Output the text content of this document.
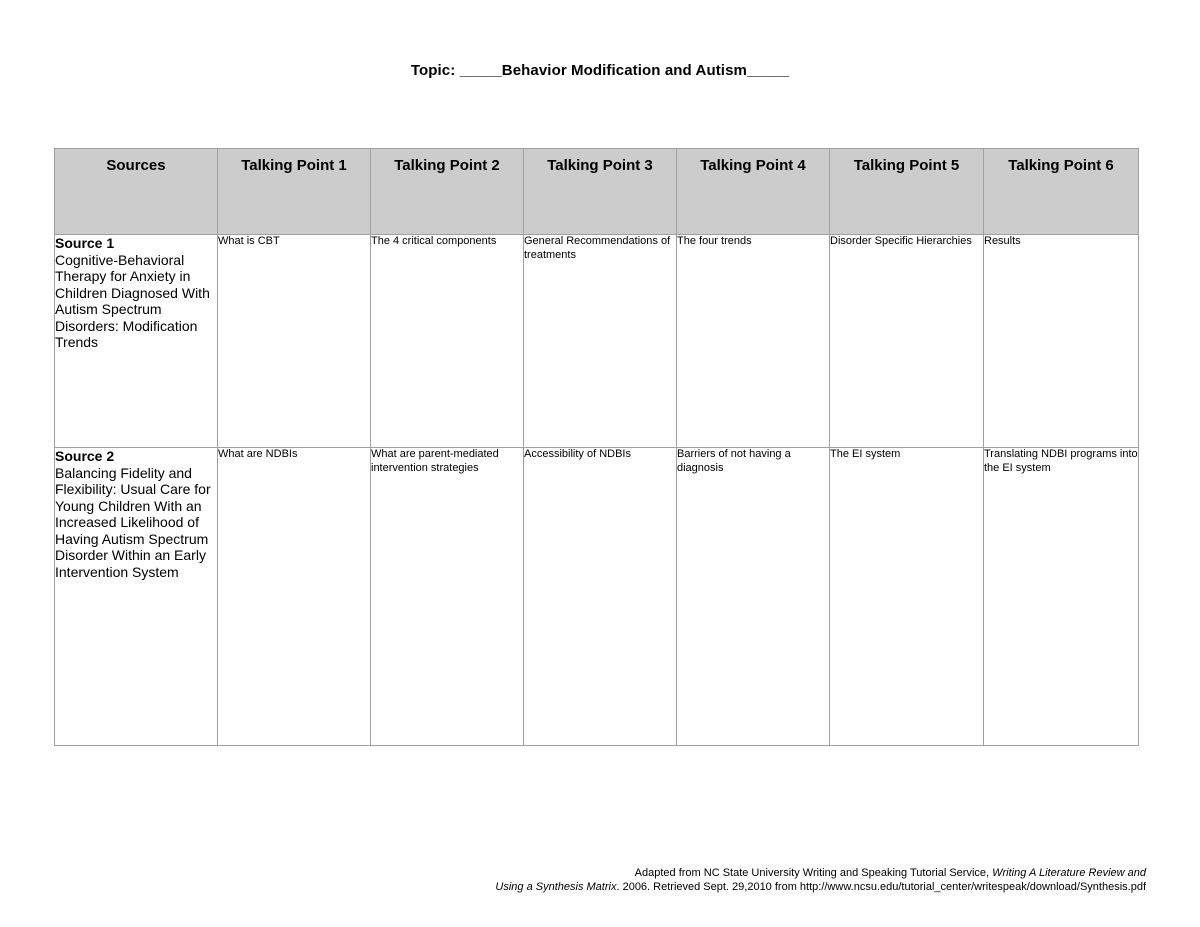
Topic: _____Behavior Modification and Autism_____
Sources	Talking Point 1	Talking Point 2	Talking Point 3	Talking Point 4	Talking Point 5	Talking Point 6

Source 1
Cognitive-Behavioral Therapy for Anxiety in Children Diagnosed With Autism Spectrum Disorders: Modification Trends	What is CBT	The 4 critical components	General Recommendations of treatments	The four trends	Disorder Specific Hierarchies	Results

Source 2
Balancing Fidelity and Flexibility: Usual Care for Young Children With an Increased Likelihood of Having Autism Spectrum Disorder Within an Early Intervention System	What are NDBIs	What are parent-mediated intervention strategies	Accessibility of NDBIs	Barriers of not having a diagnosis	The EI system	Translating NDBI programs into the EI system
Adapted from NC State University Writing and Speaking Tutorial Service, Writing A Literature Review and
Using a Synthesis Matrix. 2006. Retrieved Sept. 29,2010 from http://www.ncsu.edu/tutorial_center/writespeak/download/Synthesis.pdf
